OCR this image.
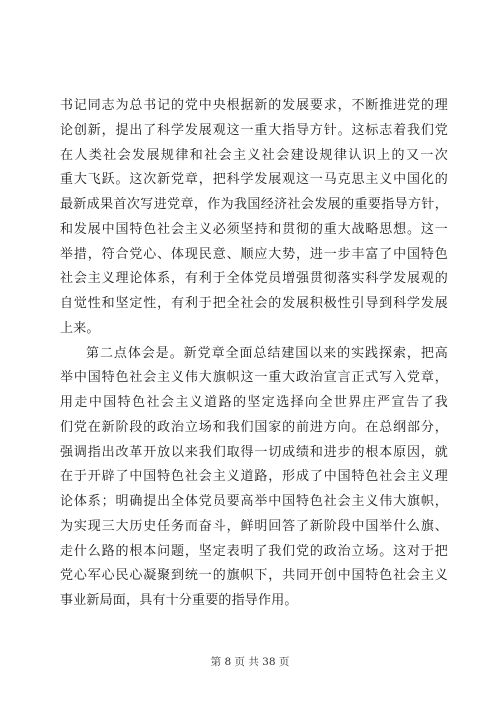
书记同志为总书记的党中央根据新的发展要求，不断推进党的理
论创新，提出了科学发展观这一重大指导方针。这标志着我们党
在人类社会发展规律和社会主义社会建设规律认识上的又一次
重大飞跃。这次新党章，把科学发展观这一马克思主义中国化的
最新成果首次写进党章，作为我国经济社会发展的重要指导方针，
和发展中国特色社会主义必须坚持和贯彻的重大战略思想。这一
举措，符合党心、体现民意、顺应大势，进一步丰富了中国特色
社会主义理论体系，有利于全体党员增强贯彻落实科学发展观的
自觉性和坚定性，有利于把全社会的发展积极性引导到科学发展
上来。
第二点体会是。新党章全面总结建国以来的实践探索，把高
举中国特色社会主义伟大旗帜这一重大政治宣言正式写入党章，
用走中国特色社会主义道路的坚定选择向全世界庄严宣告了我
们党在新阶段的政治立场和我们国家的前进方向。在总纲部分，
强调指出改革开放以来我们取得一切成绩和进步的根本原因，就
在于开辟了中国特色社会主义道路，形成了中国特色社会主义理
论体系；明确提出全体党员要高举中国特色社会主义伟大旗帜，
为实现三大历史任务而奋斗，鲜明回答了新阶段中国举什么旗、
走什么路的根本问题，坚定表明了我们党的政治立场。这对于把
党心军心民心凝聚到统一的旗帜下，共同开创中国特色社会主义
事业新局面，具有十分重要的指导作用。
第 8 页 共 38 页
